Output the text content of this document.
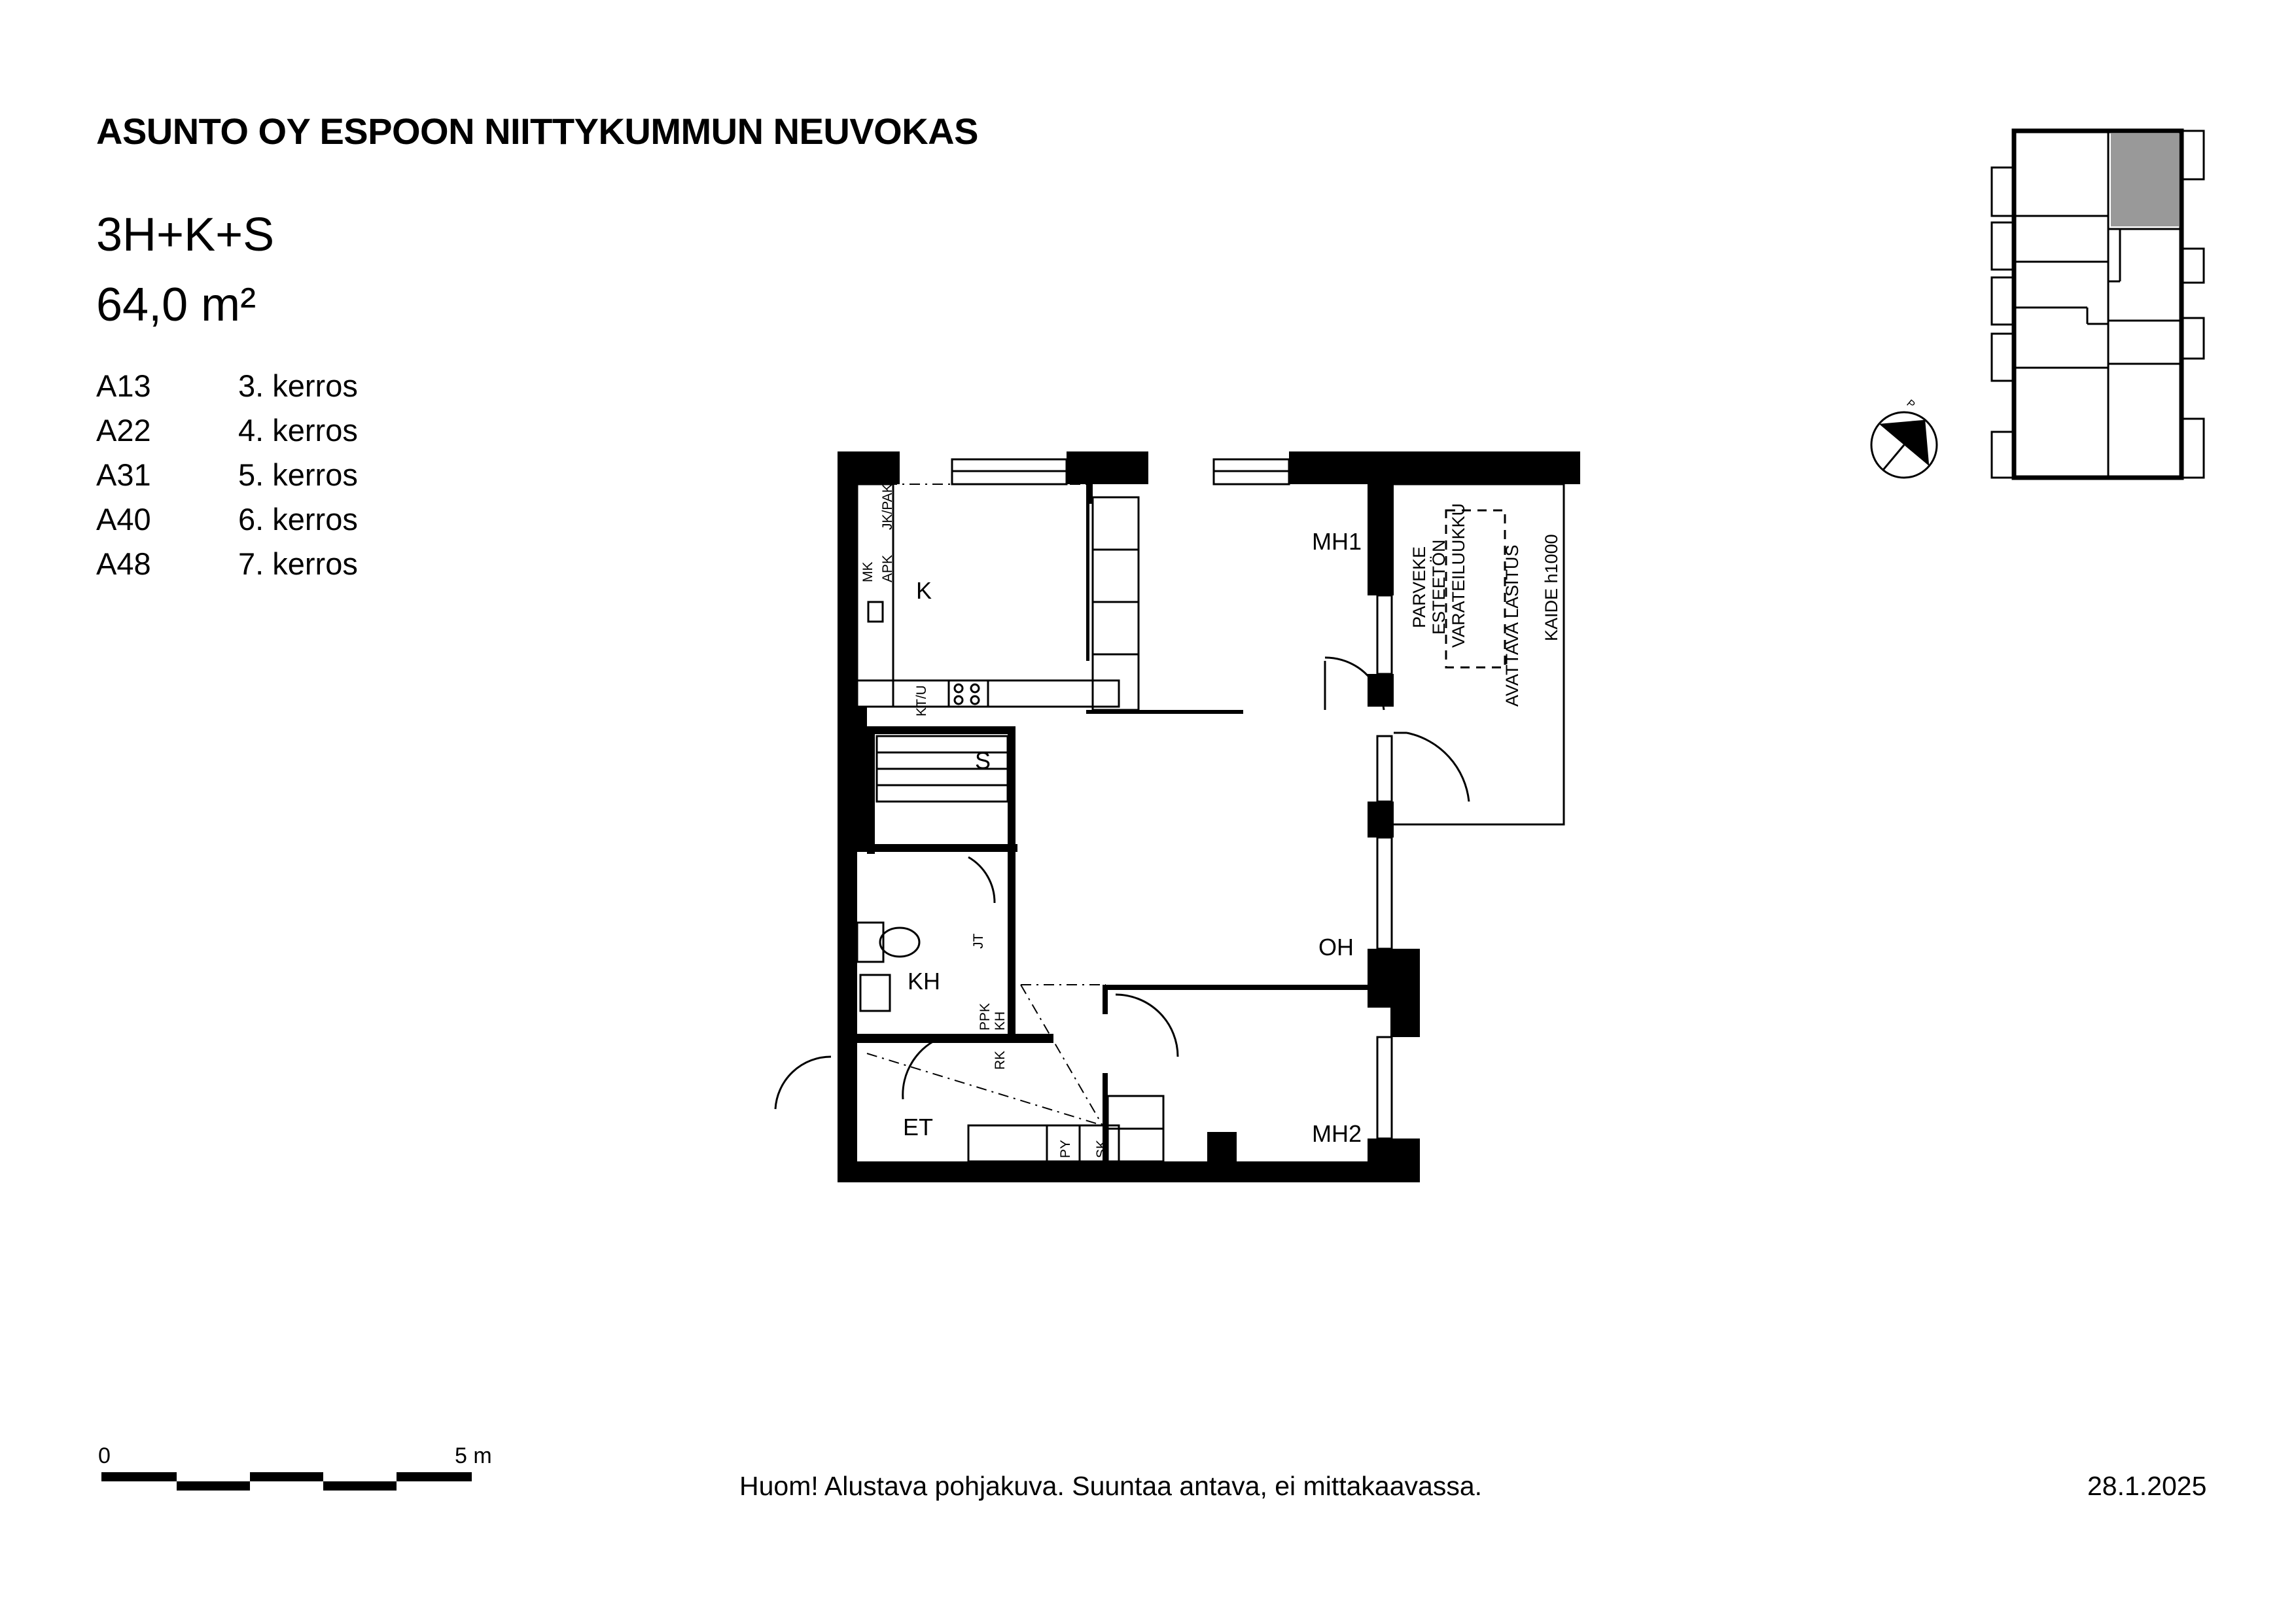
ASUNTO OY ESPOON NIITTYKUMMUN NEUVOKAS
3H+K+S
64,0 m²
A13	3. kerros
A22	4. kerros
A31	5. kerros
A40	6. kerros
A48	7. kerros
P
K
MH1
OH
MH2
KH
S
ET
PARVEKE ESTEETÖN VARATEILUUKKU AVATTAVA LASITUS KAIDE h1000
KT/U
APK
JK/PAK
MK
JT
PPK KH
RK
PY SK
0	5 m
Huom! Alustava pohjakuva. Suuntaa antava, ei mittakaavassa.	28.1.2025
